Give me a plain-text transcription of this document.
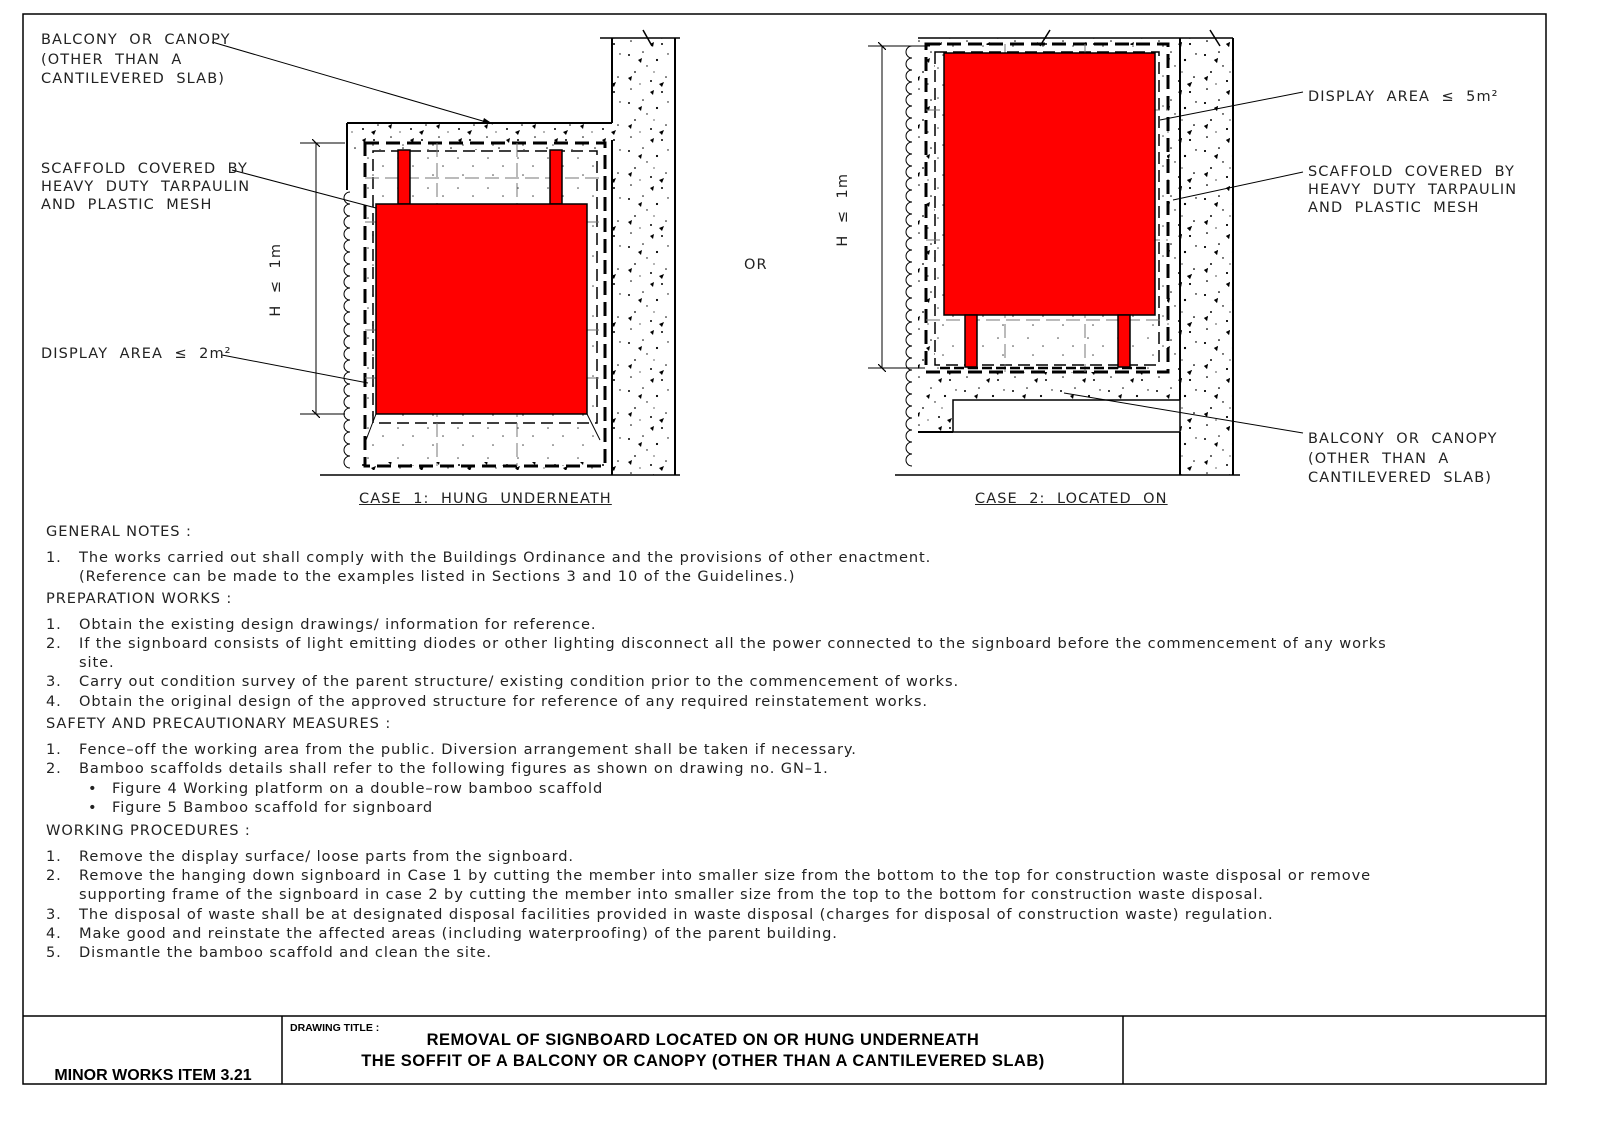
BALCONY  OR  CANOPY
(OTHER  THAN  A
CANTILEVERED  SLAB)
SCAFFOLD  COVERED  BY
HEAVY  DUTY  TARPAULIN
AND  PLASTIC  MESH
DISPLAY  AREA  ≤  2m²
H  ≤  1m	OR
DISPLAY  AREA  ≤  5m²
SCAFFOLD  COVERED  BY
HEAVY  DUTY  TARPAULIN
AND  PLASTIC  MESH
BALCONY  OR  CANOPY
(OTHER  THAN  A
CANTILEVERED  SLAB)
H  ≤  1m
CASE  1:  HUNG  UNDERNEATH	CASE  2:  LOCATED  ON
GENERAL NOTES :
1. The works carried out shall comply with the Buildings Ordinance and the provisions of other enactment.
(Reference can be made to the examples listed in Sections 3 and 10 of the Guidelines.)
PREPARATION WORKS :
1. Obtain the existing design drawings/ information for reference.
2. If the signboard consists of light emitting diodes or other lighting disconnect all the power connected to the signboard before the commencement of any works
site.
3. Carry out condition survey of the parent structure/ existing condition prior to the commencement of works.
4. Obtain the original design of the approved structure for reference of any required reinstatement works.
SAFETY AND PRECAUTIONARY MEASURES :
1. Fence–off the working area from the public. Diversion arrangement shall be taken if necessary.
2. Bamboo scaffolds details shall refer to the following figures as shown on drawing no. GN–1.
• Figure 4 Working platform on a double–row bamboo scaffold
• Figure 5 Bamboo scaffold for signboard
WORKING PROCEDURES :
1. Remove the display surface/ loose parts from the signboard.
2. Remove the hanging down signboard in Case 1 by cutting the member into smaller size from the bottom to the top for construction waste disposal or remove
supporting frame of the signboard in case 2 by cutting the member into smaller size from the top to the bottom for construction waste disposal.
3. The disposal of waste shall be at designated disposal facilities provided in waste disposal (charges for disposal of construction waste) regulation.
4. Make good and reinstate the affected areas (including waterproofing) of the parent building.
5. Dismantle the bamboo scaffold and clean the site.
MINOR WORKS ITEM 3.21
DRAWING TITLE :
REMOVAL OF SIGNBOARD LOCATED ON OR HUNG UNDERNEATH
THE SOFFIT OF A BALCONY OR CANOPY (OTHER THAN A CANTILEVERED SLAB)
